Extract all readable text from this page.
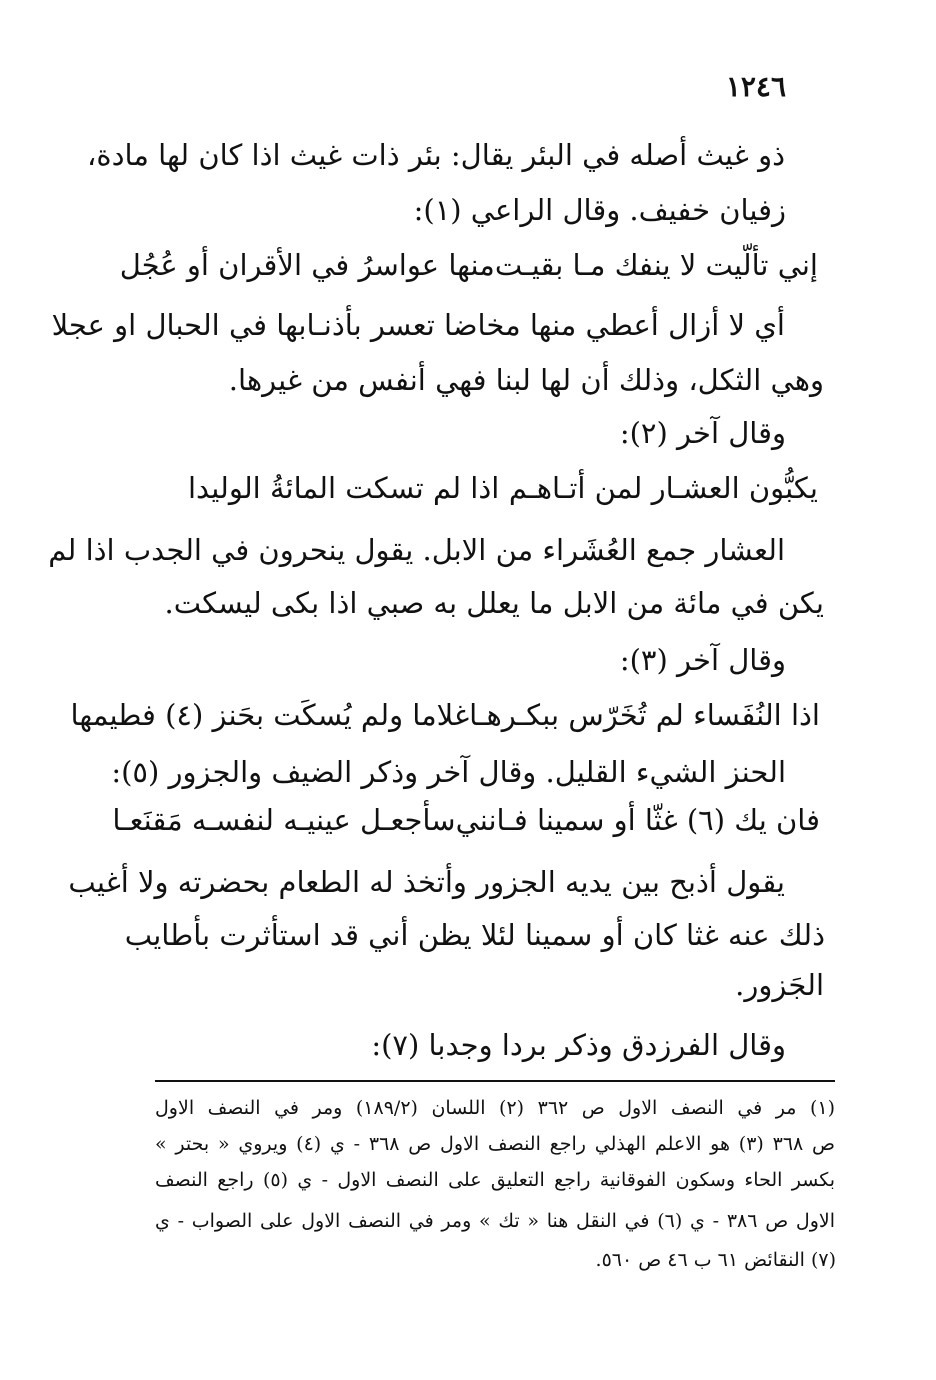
١٢٤٦
ذو غيث أصله في البئر يقال: بئر ذات غيث اذا كان لها مادة،
زفيان خفيف. وقال الراعي (١):
إني تألّيت لا ينفك مـا بقيـت
منها عواسرُ في الأقران أو عُجُل
أي لا أزال أعطي منها مخاضا تعسر بأذنـابها في الحبال او عجلا
وهي الثكل، وذلك أن لها لبنا فهي أنفس من غيرها.
وقال آخر (٢):
يكبُّون العشـار لمن أتـاهـم
اذا لم تسكت المائةُ الوليدا
العشار جمع العُشَراء من الابل. يقول ينحرون في الجدب اذا لم
يكن في مائة من الابل ما يعلل به صبي اذا بكى ليسكت.
وقال آخر (٣):
اذا النُفَساء لم تُخَرّس ببكـرهـا
غلاما ولم يُسكَت بحَنز (٤) فطيمها
الحنز الشيء القليل. وقال آخر وذكر الضيف والجزور (٥):
فان يك (٦) غثّا أو سمينا فـانني
سأجعـل عينيـه لنفسـه مَقنَعـا
يقول أذبح بين يديه الجزور وأتخذ له الطعام بحضرته ولا أغيب
ذلك عنه غثا كان أو سمينا لئلا يظن أني قد استأثرت بأطايب
الجَزور.
وقال الفرزدق وذكر بردا وجدبا (٧):
(١) مر في النصف الاول ص ٣٦٢ (٢) اللسان (١٨٩/٢) ومر في النصف الاول
ص ٣٦٨ (٣) هو الاعلم الهذلي راجع النصف الاول ص ٣٦٨ - ي (٤) ويروي « بحتر »
بكسر الحاء وسكون الفوقانية راجع التعليق على النصف الاول - ي (٥) راجع النصف
الاول ص ٣٨٦ - ي (٦) في النقل هنا « تك » ومر في النصف الاول على الصواب - ي
(٧) النقائض ٦١ ب ٤٦ ص ٥٦٠.
